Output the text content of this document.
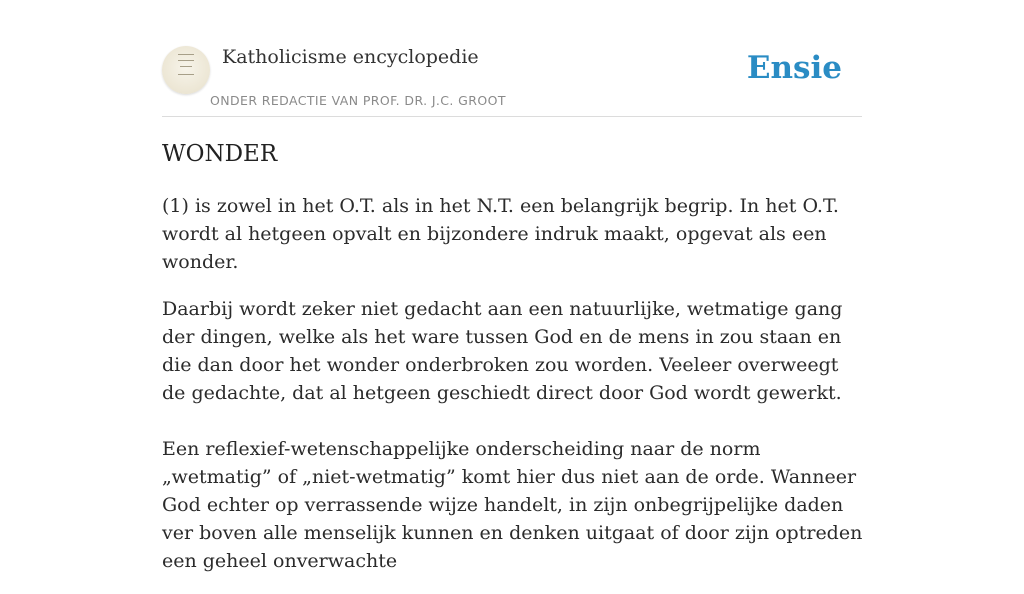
Katholicisme encyclopedie
ONDER REDACTIE VAN PROF. DR. J.C. GROOT
Ensie
WONDER

(1) is zowel in het O.T. als in het N.T. een belangrijk begrip. In het O.T. wordt al hetgeen opvalt en bijzondere indruk maakt, opgevat als een wonder.

Daarbij wordt zeker niet gedacht aan een natuurlijke, wetmatige gang der dingen, welke als het ware tussen God en de mens in zou staan en die dan door het wonder onderbroken zou worden. Veeleer overweegt de gedachte, dat al hetgeen geschiedt direct door God wordt gewerkt.

Een reflexief-wetenschappelijke onderscheiding naar de norm „wetmatig” of „niet-wetmatig” komt hier dus niet aan de orde. Wanneer God echter op verrassende wijze handelt, in zijn onbegrijpelijke daden ver boven alle menselijk kunnen en denken uitgaat of door zijn optreden een geheel onverwachte
